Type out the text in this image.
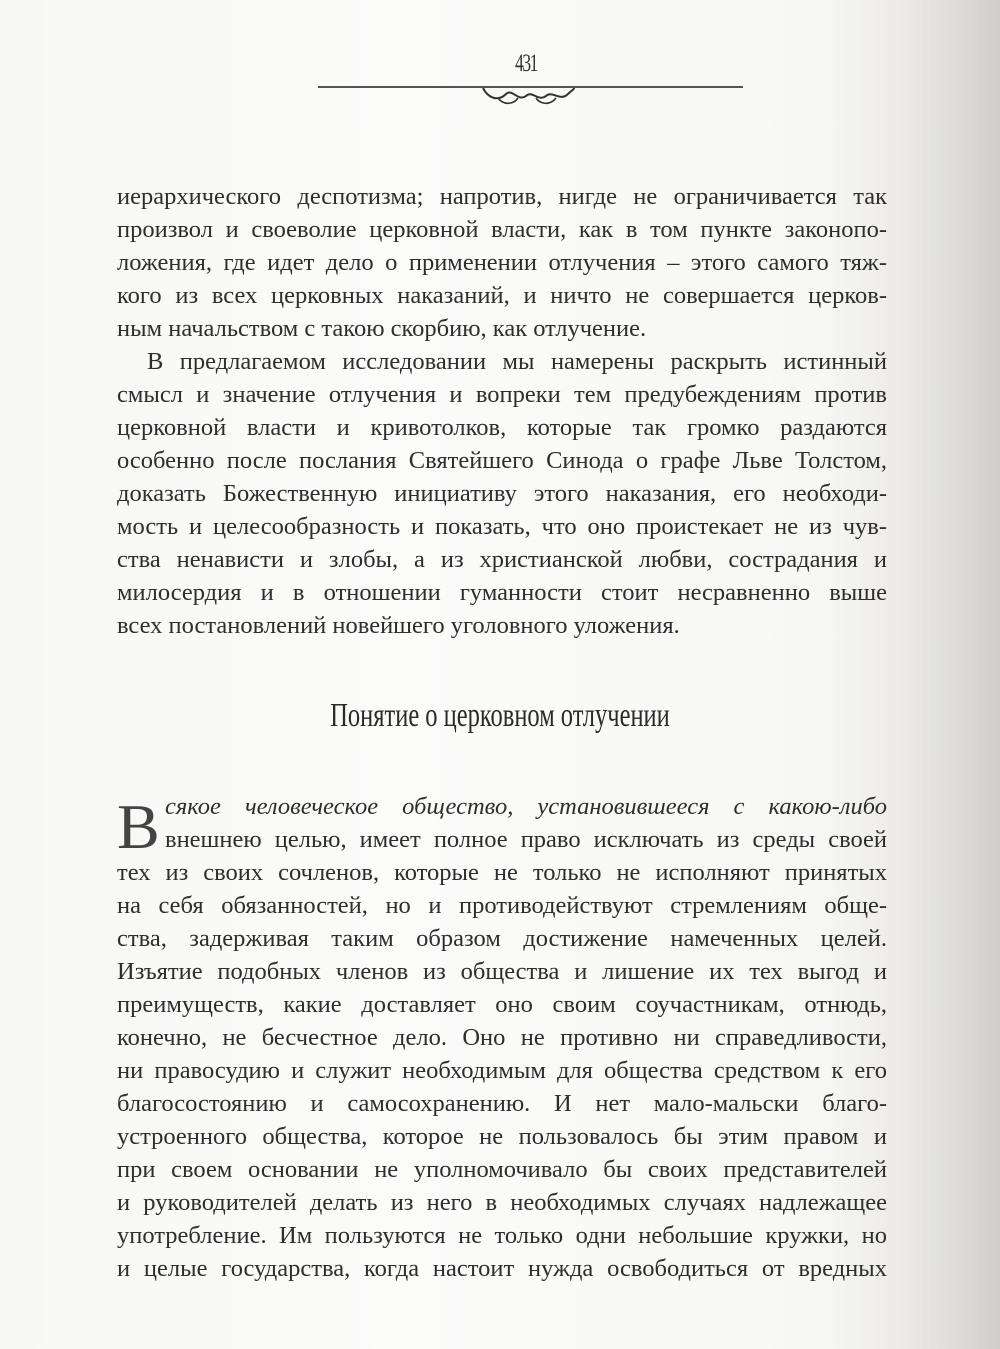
431
иерархического деспотизма; напротив, нигде не ограничивается так
произвол и своеволие церковной власти, как в том пункте законопо-
ложения, где идет дело о применении отлучения – этого самого тяж-
кого из всех церковных наказаний, и ничто не совершается церков-
ным начальством с такою скорбию, как отлучение.
В предлагаемом исследовании мы намерены раскрыть истинный
смысл и значение отлучения и вопреки тем предубеждениям против
церковной власти и кривотолков, которые так громко раздаются
особенно после послания Святейшего Синода о графе Льве Толстом,
доказать Божественную инициативу этого наказания, его необходи-
мость и целесообразность и показать, что оно проистекает не из чув-
ства ненависти и злобы, а из христианской любви, сострадания и
милосердия и в отношении гуманности стоит несравненно выше
всех постановлений новейшего уголовного уложения.
Понятие о церковном отлучении
В сякое человеческое общество, установившееся с какою-либо
внешнею целью, имеет полное право исключать из среды своей
тех из своих сочленов, которые не только не исполняют принятых
на себя обязанностей, но и противодействуют стремлениям обще-
ства, задерживая таким образом достижение намеченных целей.
Изъятие подобных членов из общества и лишение их тех выгод и
преимуществ, какие доставляет оно своим соучастникам, отнюдь,
конечно, не бесчестное дело. Оно не противно ни справедливости,
ни правосудию и служит необходимым для общества средством к его
благосостоянию и самосохранению. И нет мало-мальски благо-
устроенного общества, которое не пользовалось бы этим правом и
при своем основании не уполномочивало бы своих представителей
и руководителей делать из него в необходимых случаях надлежащее
употребление. Им пользуются не только одни небольшие кружки, но
и целые государства, когда настоит нужда освободиться от вредных
